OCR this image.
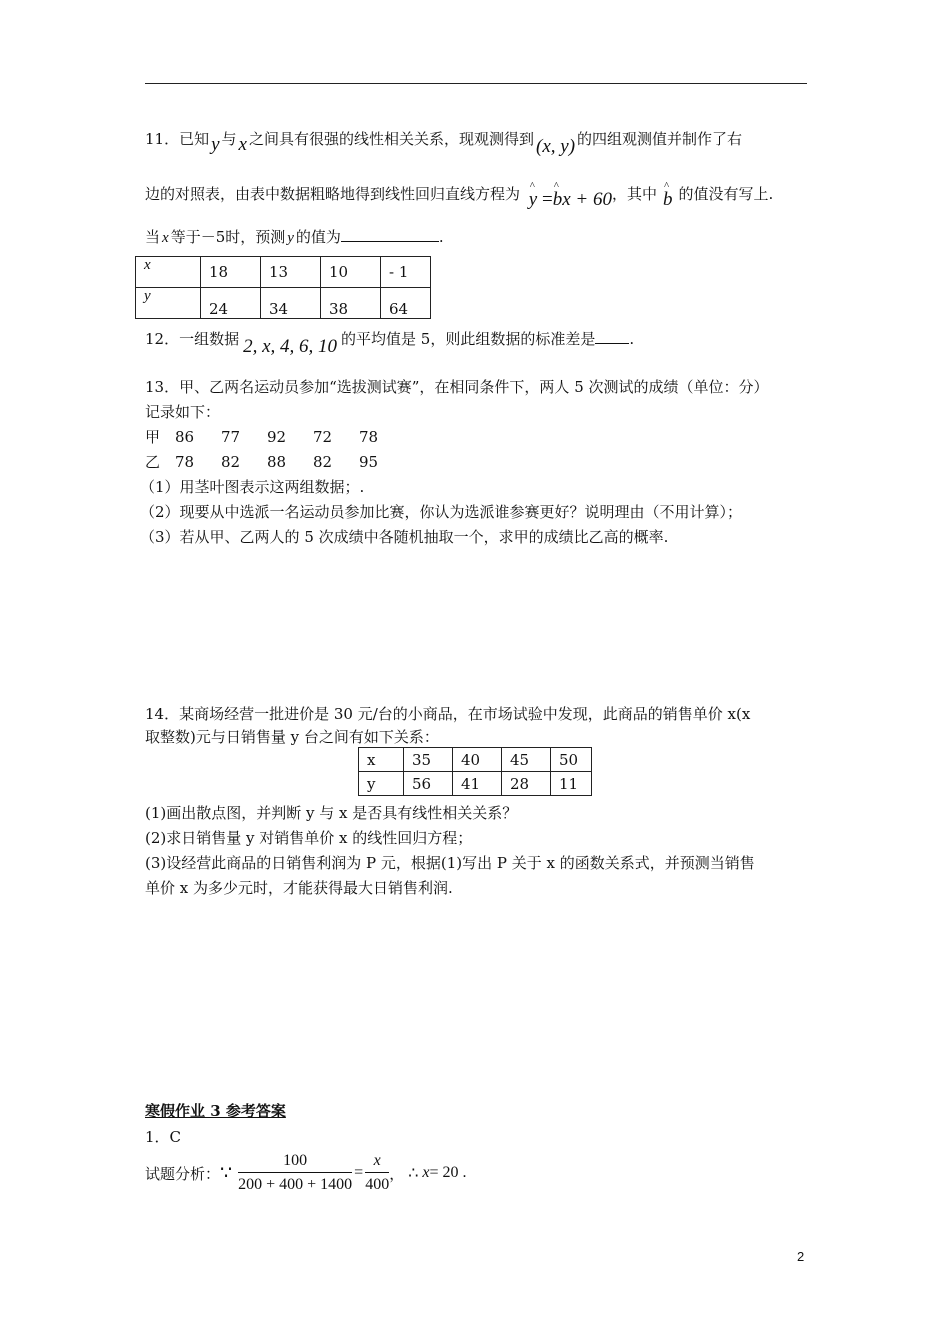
11．已知 y 与 x 之间具有很强的线性相关关系，现观测得到 (x, y) 的四组观测值并制作了右
边的对照表，由表中数据粗略地得到线性回归直线方程为 ^ y =^ bx + 60，其中 ^ b 的值没有写上.
当 x 等于－5时，预测 y 的值为	.
x	18	13	10	- 1
y	24	34	38	64
12．一组数据 2, x, 4, 6, 10 的平均值是 5，则此组数据的标准差是 .
13．甲、乙两名运动员参加“选拔测试赛”，在相同条件下，两人 5 次测试的成绩（单位：分）
记录如下：
甲 86 77 92 72 78
乙 78 82 88 82 95
（1）用茎叶图表示这两组数据；.
（2）现要从中选派一名运动员参加比赛，你认为选派谁参赛更好？说明理由（不用计算）；
（3）若从甲、乙两人的 5 次成绩中各随机抽取一个，求甲的成绩比乙高的概率.
14．某商场经营一批进价是 30 元/台的小商品，在市场试验中发现，此商品的销售单价 x(x
取整数)元与日销售量 y 台之间有如下关系：
x	35	40	45	50
y	56	41	28	11
(1)画出散点图，并判断 y 与 x 是否具有线性相关关系？
(2)求日销售量 y 对销售单价 x 的线性回归方程；
(3)设经营此商品的日销售利润为 P 元，根据(1)写出 P 关于 x 的函数关系式，并预测当销售
单价 x 为多少元时，才能获得最大日销售利润.
寒假作业 3 参考答案
1．C
试题分析： ∵ $\frac{100}{200 + 400 + 1400} = \frac{x}{400}$ ， ∴ x = 20 .
2
